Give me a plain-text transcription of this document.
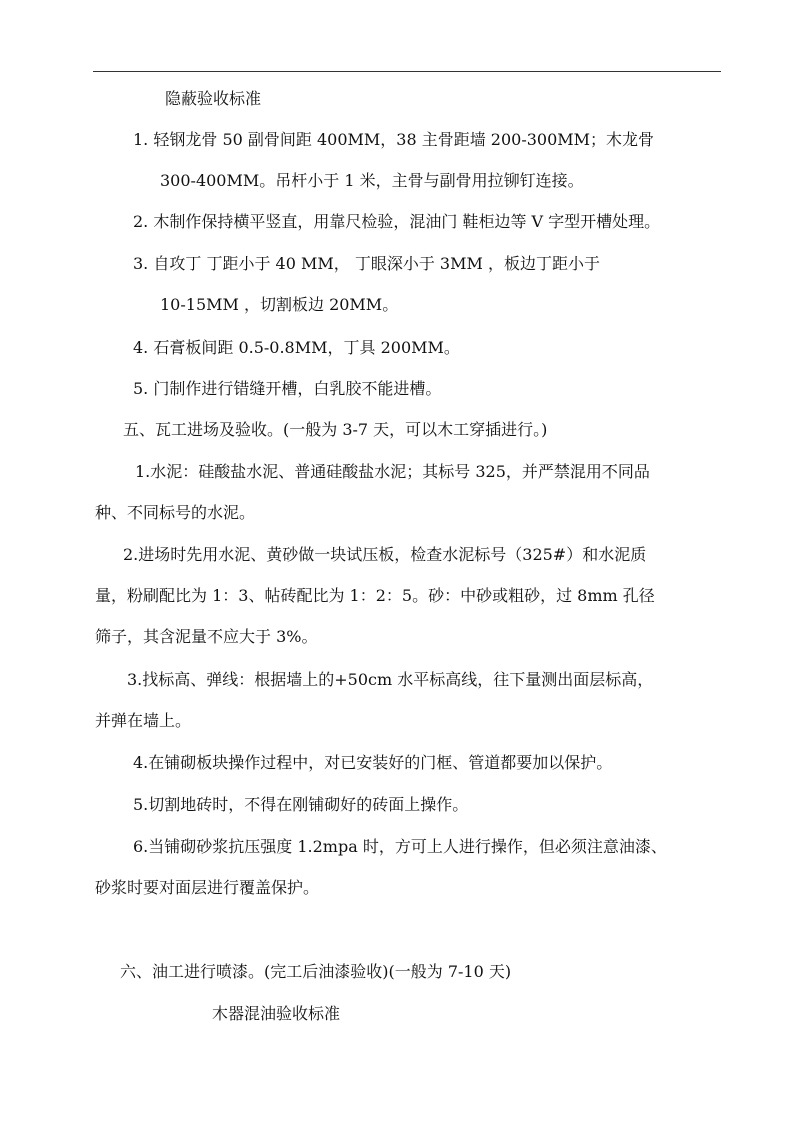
隐蔽验收标准
1. 轻钢龙骨 50 副骨间距 400MM，38 主骨距墙 200-300MM；木龙骨
300-400MM。吊杆小于 1 米，主骨与副骨用拉铆钉连接。
2. 木制作保持横平竖直，用靠尺检验，混油门 鞋柜边等 V 字型开槽处理。
3. 自攻丁 丁距小于 40 MM， 丁眼深小于 3MM ，板边丁距小于
10-15MM ，切割板边 20MM。
4. 石膏板间距 0.5-0.8MM，丁具 200MM。
5. 门制作进行错缝开槽，白乳胶不能进槽。
五、瓦工进场及验收。(一般为 3-7 天，可以木工穿插进行。)
1.水泥：硅酸盐水泥、普通硅酸盐水泥；其标号 325，并严禁混用不同品
种、不同标号的水泥。
2.进场时先用水泥、黄砂做一块试压板，检查水泥标号（325#）和水泥质
量，粉刷配比为 1：3、帖砖配比为 1：2：5。砂：中砂或粗砂，过 8mm 孔径
筛子，其含泥量不应大于 3%。
3.找标高、弹线：根据墙上的+50cm 水平标高线，往下量测出面层标高，
并弹在墙上。
4.在铺砌板块操作过程中，对已安装好的门框、管道都要加以保护。
5.切割地砖时，不得在刚铺砌好的砖面上操作。
6.当铺砌砂浆抗压强度 1.2mpa 时，方可上人进行操作，但必须注意油漆、
砂浆时要对面层进行覆盖保护。
六、油工进行喷漆。(完工后油漆验收)(一般为 7-10 天)
木器混油验收标准
